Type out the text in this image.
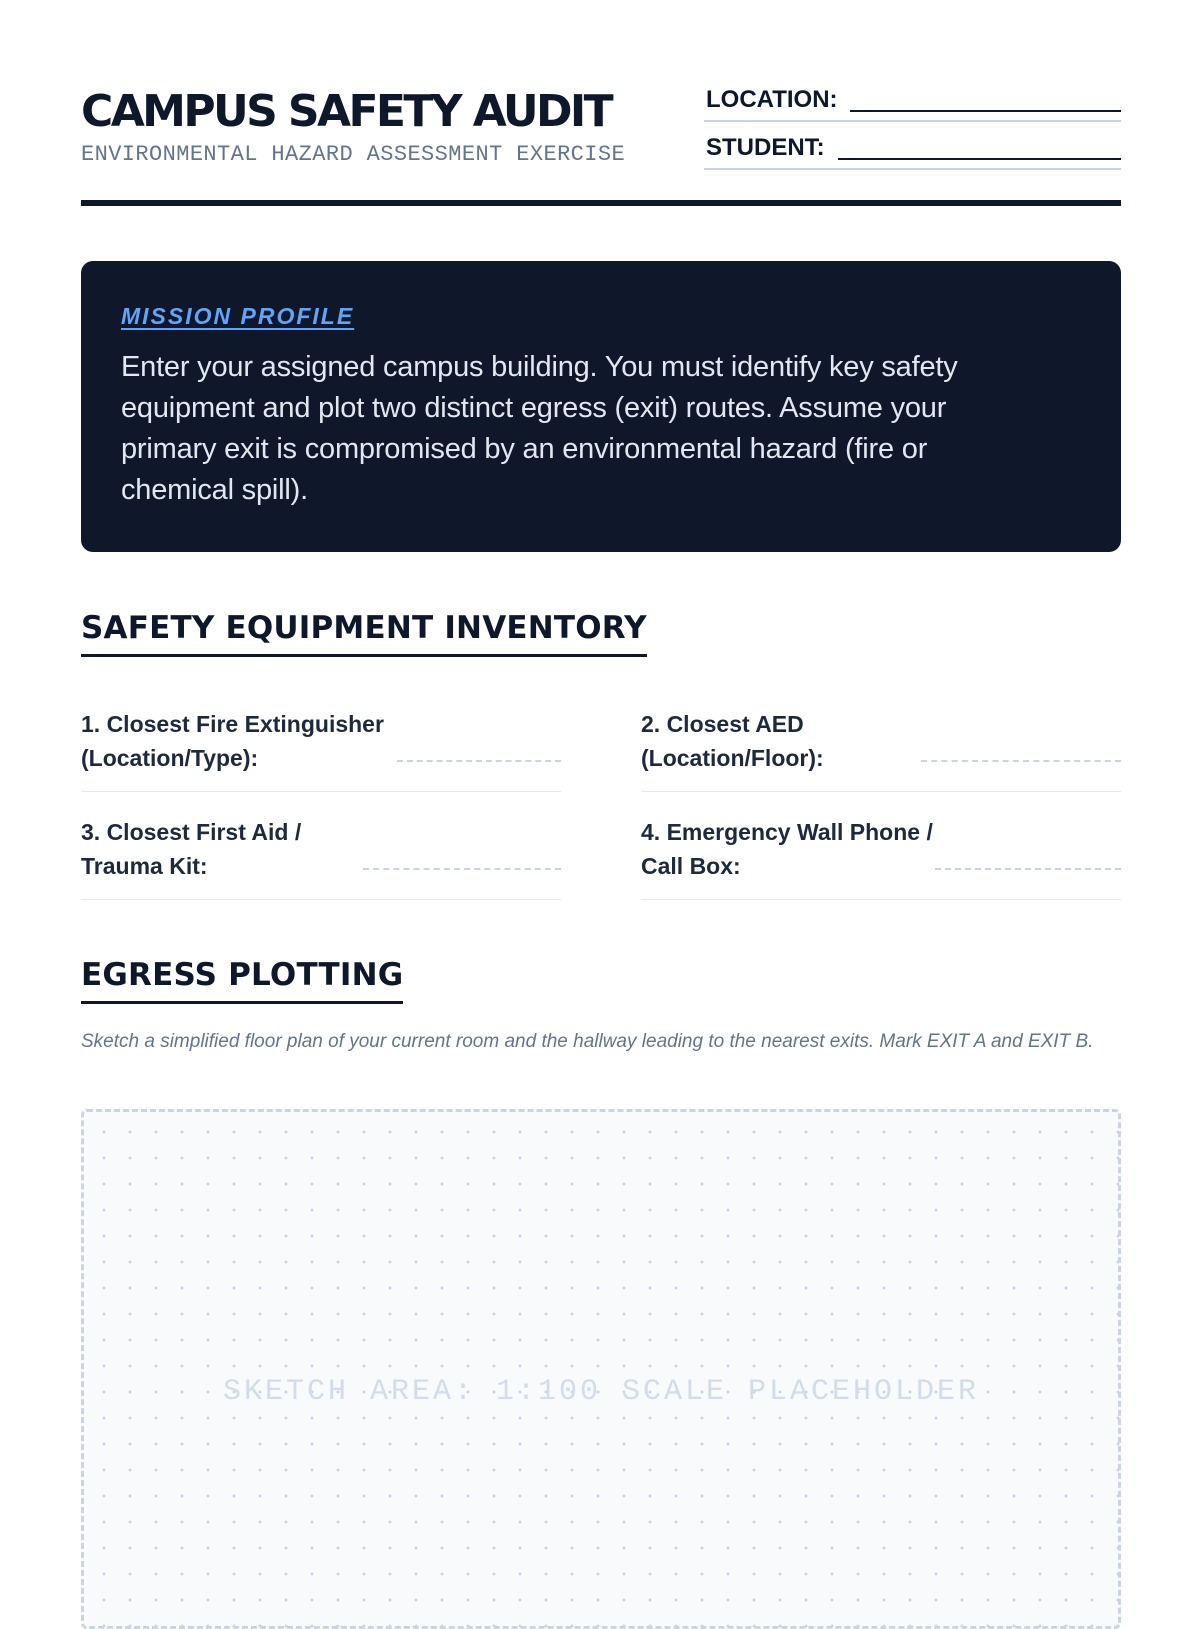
CAMPUS SAFETY AUDIT
ENVIRONMENTAL HAZARD ASSESSMENT EXERCISE
LOCATION:
STUDENT:
MISSION PROFILE

Enter your assigned campus building. You must identify key safety equipment and plot two distinct egress (exit) routes. Assume your primary exit is compromised by an environmental hazard (fire or chemical spill).

SAFETY EQUIPMENT INVENTORY

1. Closest Fire Extinguisher
(Location/Type):

2. Closest AED
(Location/Floor):

3. Closest First Aid /
Trauma Kit:

4. Emergency Wall Phone /
Call Box:

EGRESS PLOTTING

Sketch a simplified floor plan of your current room and the hallway leading to the nearest exits. Mark EXIT A and EXIT B.

SKETCH AREA: 1:100 SCALE PLACEHOLDER
